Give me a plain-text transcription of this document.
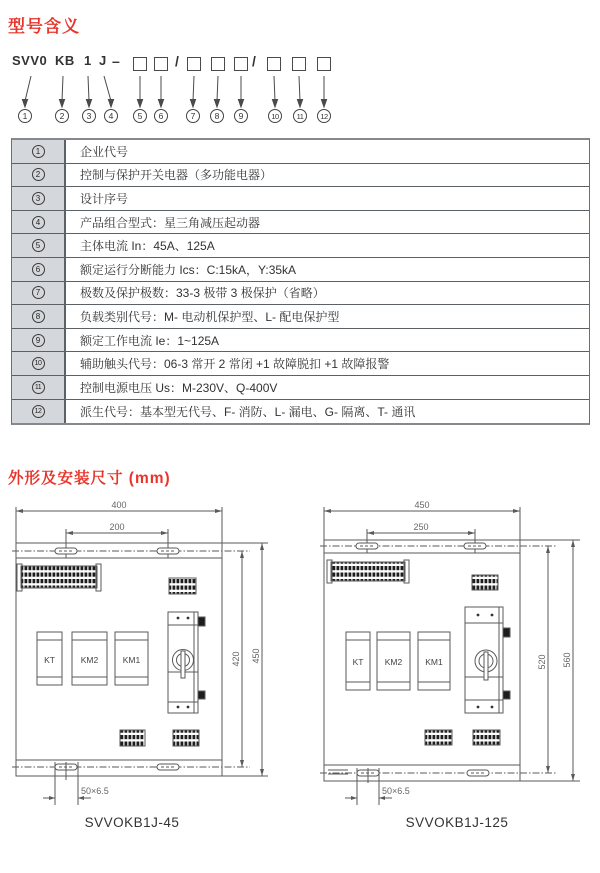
型号含义
SVV0 KB 1 J –	/	/
1	2	3	4	5	6	7	8	9	10	11	12
1	企业代号
2	控制与保护开关电器（多功能电器）
3	设计序号
4	产品组合型式：星三角减压起动器
5	主体电流 In：45A、125A
6	额定运行分断能力 Ics：C:15kA，Y:35kA
7	极数及保护极数：33-3 极带 3 极保护（省略）
8	负载类别代号：M- 电动机保护型、L- 配电保护型
9	额定工作电流 Ie：1~125A
10	辅助触头代号：06-3 常开 2 常闭 +1 故障脱扣 +1 故障报警
11	控制电源电压 Us：M-230V、Q-400V
12	派生代号：基本型无代号、F- 消防、L- 漏电、G- 隔离、T- 通讯
外形及安装尺寸 (mm)
400
200
420 450
50×6.5
KT	KM2	KM1
SVVOKB1J-45
450
250
520 560
50×6.5
KT	KM2	KM1
SVVOKB1J-125
